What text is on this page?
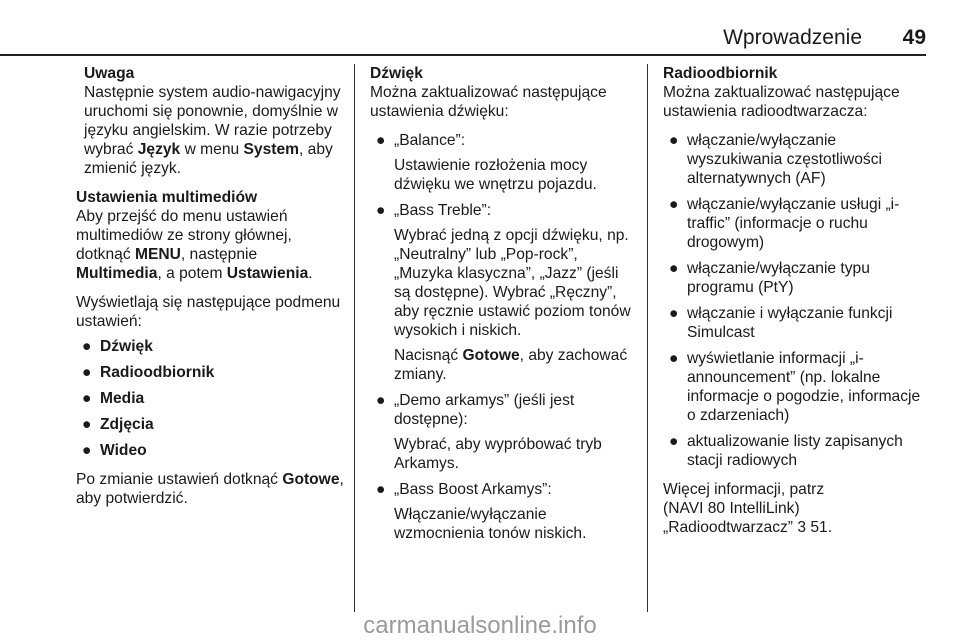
Wprowadzenie 49
Uwaga
Następnie system audio-nawigacyjny uruchomi się ponownie, domyślnie w języku angielskim. W razie potrzeby wybrać Język w menu System, aby zmienić język.
Ustawienia multimediów

Aby przejść do menu ustawień multimediów ze strony głównej, dotknąć MENU, następnie Multimedia, a potem Ustawienia.

Wyświetlają się następujące podmenu ustawień:

● Dźwięk
● Radioodbiornik
● Media
● Zdjęcia
● Wideo

Po zmianie ustawień dotknąć Gotowe, aby potwierdzić.

Dźwięk

Można zaktualizować następujące ustawienia dźwięku:

● „Balance”:
Ustawienie rozłożenia mocy dźwięku we wnętrzu pojazdu.
● „Bass Treble”:
Wybrać jedną z opcji dźwięku, np. „Neutralny” lub „Pop-rock”, „Muzyka klasyczna”, „Jazz” (jeśli są dostępne). Wybrać „Ręczny”, aby ręcznie ustawić poziom tonów wysokich i niskich.
Nacisnąć Gotowe, aby zachować zmiany.
● „Demo arkamys” (jeśli jest dostępne):
Wybrać, aby wypróbować tryb Arkamys.
● „Bass Boost Arkamys”:
Włączanie/wyłączanie wzmocnienia tonów niskich.
Radioodbiornik

Można zaktualizować następujące ustawienia radioodtwarzacza:

● włączanie/wyłączanie wyszukiwania częstotliwości alternatywnych (AF)
● włączanie/wyłączanie usługi „i-traffic” (informacje o ruchu drogowym)
● włączanie/wyłączanie typu programu (PtY)
● włączanie i wyłączanie funkcji Simulcast
● wyświetlanie informacji „i-announcement” (np. lokalne informacje o pogodzie, informacje o zdarzeniach)
● aktualizowanie listy zapisanych stacji radiowych
Więcej informacji, patrz
(NAVI 80 IntelliLink)
„Radioodtwarzacz” 3 51.
carmanualsonline.info
